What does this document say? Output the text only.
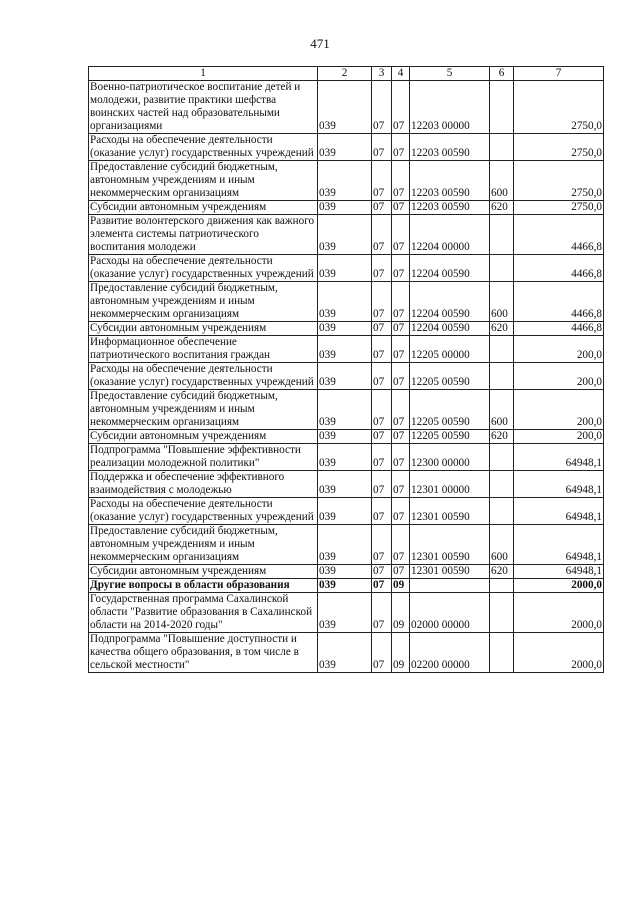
471
1	2	3	4	5	6	7
Военно-патриотическое воспитание детей и молодежи, развитие практики шефства воинских частей над образовательными организациями	039	07	07	12203 00000		2750,0
Расходы на обеспечение деятельности (оказание услуг) государственных учреждений	039	07	07	12203 00590		2750,0
Предоставление субсидий бюджетным, автономным учреждениям и иным некоммерческим организациям	039	07	07	12203 00590	600	2750,0
Субсидии автономным учреждениям	039	07	07	12203 00590	620	2750,0
Развитие волонтерского движения как важного элемента системы патриотического воспитания молодежи	039	07	07	12204 00000		4466,8
Расходы на обеспечение деятельности (оказание услуг) государственных учреждений	039	07	07	12204 00590		4466,8
Предоставление субсидий бюджетным, автономным учреждениям и иным некоммерческим организациям	039	07	07	12204 00590	600	4466,8
Субсидии автономным учреждениям	039	07	07	12204 00590	620	4466,8
Информационное обеспечение патриотического воспитания граждан	039	07	07	12205 00000		200,0
Расходы на обеспечение деятельности (оказание услуг) государственных учреждений	039	07	07	12205 00590		200,0
Предоставление субсидий бюджетным, автономным учреждениям и иным некоммерческим организациям	039	07	07	12205 00590	600	200,0
Субсидии автономным учреждениям	039	07	07	12205 00590	620	200,0
Подпрограмма "Повышение эффективности реализации молодежной политики"	039	07	07	12300 00000		64948,1
Поддержка и обеспечение эффективного взаимодействия с молодежью	039	07	07	12301 00000		64948,1
Расходы на обеспечение деятельности (оказание услуг) государственных учреждений	039	07	07	12301 00590		64948,1
Предоставление субсидий бюджетным, автономным учреждениям и иным некоммерческим организациям	039	07	07	12301 00590	600	64948,1
Субсидии автономным учреждениям	039	07	07	12301 00590	620	64948,1
Другие вопросы в области образования	039	07	09			2000,0
Государственная программа Сахалинской области "Развитие образования в Сахалинской области на 2014-2020 годы"	039	07	09	02000 00000		2000,0
Подпрограмма "Повышение доступности и качества общего образования, в том числе в сельской местности"	039	07	09	02200 00000		2000,0
